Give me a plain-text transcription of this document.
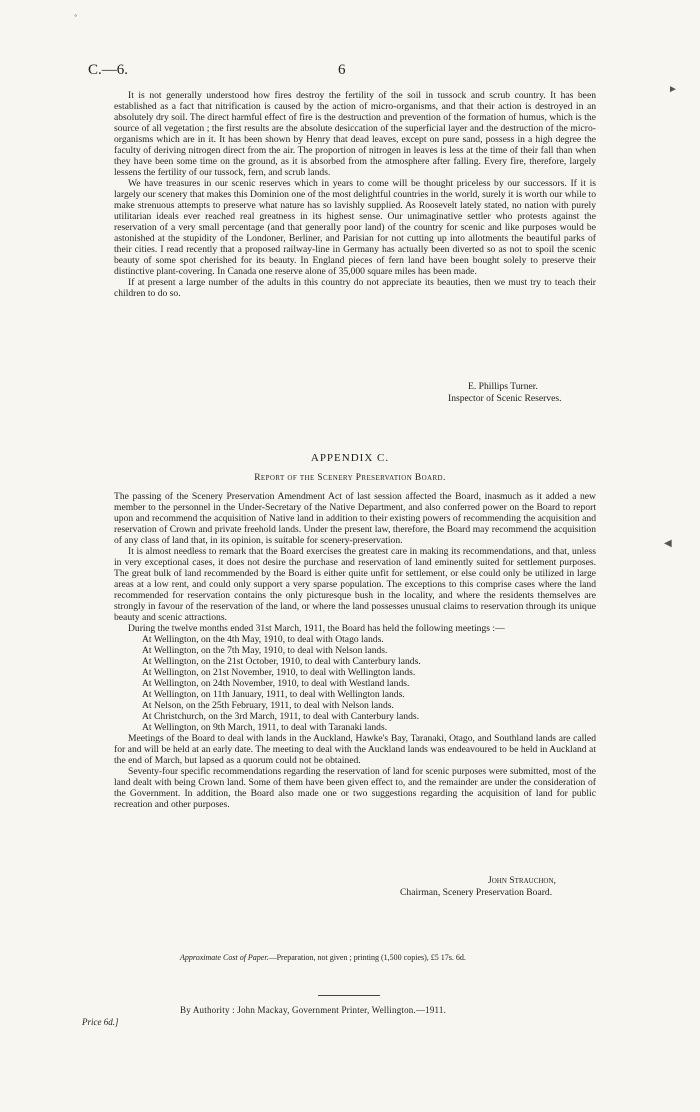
C.—6.	6

It is not generally understood how fires destroy the fertility of the soil in tussock and scrub country. It has been established as a fact that nitrification is caused by the action of micro-organisms, and that their action is destroyed in an absolutely dry soil. The direct harmful effect of fire is the destruction and prevention of the formation of humus, which is the source of all vegetation ; the first results are the absolute desiccation of the superficial layer and the destruction of the micro-organisms which are in it. It has been shown by Henry that dead leaves, except on pure sand, possess in a high degree the faculty of deriving nitrogen direct from the air. The proportion of nitrogen in leaves is less at the time of their fall than when they have been some time on the ground, as it is absorbed from the atmosphere after falling. Every fire, therefore, largely lessens the fertility of our tussock, fern, and scrub lands.

We have treasures in our scenic reserves which in years to come will be thought priceless by our successors. If it is largely our scenery that makes this Dominion one of the most delightful countries in the world, surely it is worth our while to make strenuous attempts to preserve what nature has so lavishly supplied. As Roosevelt lately stated, no nation with purely utilitarian ideals ever reached real greatness in its highest sense. Our unimaginative settler who protests against the reservation of a very small percentage (and that generally poor land) of the country for scenic and like purposes would be astonished at the stupidity of the Londoner, Berliner, and Parisian for not cutting up into allotments the beautiful parks of their cities. I read recently that a proposed railway-line in Germany has actually been diverted so as not to spoil the scenic beauty of some spot cherished for its beauty. In England pieces of fern land have been bought solely to preserve their distinctive plant-covering. In Canada one reserve alone of 35,000 square miles has been made.

If at present a large number of the adults in this country do not appreciate its beauties, then we must try to teach their children to do so.

E. Phillips Turner.
Inspector of Scenic Reserves.
APPENDIX C.
Report of the Scenery Preservation Board.

The passing of the Scenery Preservation Amendment Act of last session affected the Board, inasmuch as it added a new member to the personnel in the Under-Secretary of the Native Department, and also conferred power on the Board to report upon and recommend the acquisition of Native land in addition to their existing powers of recommending the acquisition and reservation of Crown and private freehold lands. Under the present law, therefore, the Board may recommend the acquisition of any class of land that, in its opinion, is suitable for scenery-preservation.

It is almost needless to remark that the Board exercises the greatest care in making its recommendations, and that, unless in very exceptional cases, it does not desire the purchase and reservation of land eminently suited for settlement purposes. The great bulk of land recommended by the Board is either quite unfit for settlement, or else could only be utilized in large areas at a low rent, and could only support a very sparse population. The exceptions to this comprise cases where the land recommended for reservation contains the only picturesque bush in the locality, and where the residents themselves are strongly in favour of the reservation of the land, or where the land possesses unusual claims to reservation through its unique beauty and scenic attractions.

During the twelve months ended 31st March, 1911, the Board has held the following meetings :—

At Wellington, on the 4th May, 1910, to deal with Otago lands.

At Wellington, on the 7th May, 1910, to deal with Nelson lands.

At Wellington, on the 21st October, 1910, to deal with Canterbury lands.

At Wellington, on 21st November, 1910, to deal with Wellington lands.

At Wellington, on 24th November, 1910, to deal with Westland lands.

At Wellington, on 11th January, 1911, to deal with Wellington lands.

At Nelson, on the 25th February, 1911, to deal with Nelson lands.

At Christchurch, on the 3rd March, 1911, to deal with Canterbury lands.

At Wellington, on 9th March, 1911, to deal with Taranaki lands.

Meetings of the Board to deal with lands in the Auckland, Hawke's Bay, Taranaki, Otago, and Southland lands are called for and will be held at an early date. The meeting to deal with the Auckland lands was endeavoured to be held in Auckland at the end of March, but lapsed as a quorum could not be obtained.

Seventy-four specific recommendations regarding the reservation of land for scenic purposes were submitted, most of the land dealt with being Crown land. Some of them have been given effect to, and the remainder are under the consideration of the Government. In addition, the Board also made one or two suggestions regarding the acquisition of land for public recreation and other purposes.

John Strauchon,
Chairman, Scenery Preservation Board.
Approximate Cost of Paper.—Preparation, not given ; printing (1,500 copies), £5 17s. 6d.
By Authority : John Mackay, Government Printer, Wellington.—1911.
Price 6d.]
►
◀
˚
